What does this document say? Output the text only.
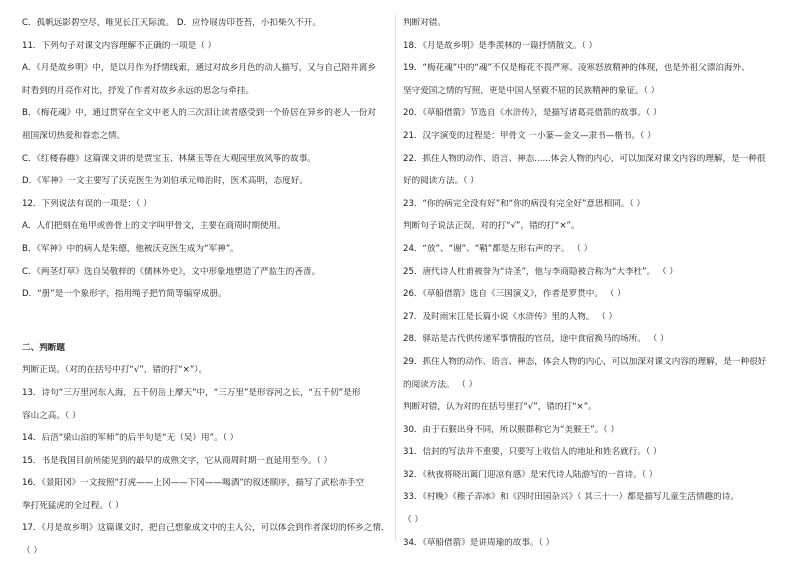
C．孤帆远影碧空尽，唯见长江天际流。 D．应怜屐齿印苍苔，小扣柴久不开。
11．下列句子对课文内容理解不正确的一项是（ ）
A．《月是故乡明》中，是以月作为抒情线索，通过对故乡月色的动人描写，又与自己陪井离乡
时看到的月亮作对比，抒发了作者对故乡永远的思念与牵挂。
B．《梅花魂》中，通过贯穿在全文中老人的三次泪让读者感受到一个侨居在异乡的老人一份对
祖国深切热爱和眷恋之情。
C．《红楼春趣》这篇课文讲的是贾宝玉、林黛玉等在大观园里放风筝的故事。
D．《军神》一文主要写了沃克医生为刘伯承元帅治时，医术高明，态度好。
12．下列说法有误的一项是：（ ）
A．人们把刻在龟甲或兽骨上的文字叫甲骨文，主要在商周时期使用。
B．《军神》中的病人是朱德，他被沃克医生成为“军神”。
C．《两茎灯草》选自吴敬梓的《儒林外史》，文中形象地塑造了严监生的吝啬。
D．“册”是一个象形字，指用绳子把竹简等编穿成册。
二、判断题
判断正误。（对的在括号中打“√”，错的打“×”）。
13．诗句“三万里河东入海，五千仞岳上摩天”中，“三万里”是形容河之长，“五千仞”是形
容山之高。（ ）
14．后浯“梁山泊的军师”的后半句是“无（吴）用”。（ ）
15．书是我国目前所能见到的最早的成熟文字，它从商周时期一直延用至今。（ ）
16．《景阳冈》一文按照“打虎——上冈——下冈——喝酒”的叙述顺序，描写了武松赤手空
拳打死猛虎的全过程。（ ）
17．《月是故乡明》这篇课文时，把自己想象成文中的主人公，可以体会到作者深切的怀乡之情．
（ ）
判断对错。
18．《月是故乡明》是季羡林的一篇抒情散文。（ ）
19．“梅花魂”中的“魂”不仅是梅花不畏严寒、凌寒怒放精神的体现，也是外祖父漂泊海外、
坚守爱国之情的写照，更是中国人坚毅不屈的民族精神的象征。（ ）
20．《草船借箭》节选自《水浒传》，是描写诸葛亮借箭的故事。（ ）
21．汉字演变的过程是：甲骨文 一小篆—金文—隶书—楷书。（ ）
22．抓住人物的动作、语言、神态......体会人物的内心，可以加深对课文内容的理解，是一种很
好的阅读方法。（ ）
23．“你的病完全没有好”和“你的病没有完全好”意思相同。（ ）
判断句子说法正误，对的打“√”，错的打“×”。
24．“放”、“谢”、“鞘”都是左形右声的字。 （ ）
25．唐代诗人杜甫被誉为“诗圣”，他与李商隐被合称为“大李杜”。 （ ）
26．《草船借箭》选自《三国演义》，作者是罗贯中。 （ ）
27．及时雨宋江是长篇小说《水浒传》里的人物。 （ ）
28．驿站是古代供传递军事情报的官员，途中食宿换马的场所。 （ ）
29．抓住人物的动作、语言、神态，体会人物的内心，可以加深对课文内容的理解，是一种很好
的阅读方法。 （ ）
判断对错，认为对的在括号里打“√”，错的打“×”。
30．由于石猴出身不同，所以猴群称它为“美猴王”。（ ）
31．信封的写法并不重要，只要写上收信人的地址和姓名就行。（ ）
32．《秋夜将晓出篱门迎凉有感》是宋代诗人陆游写的一首诗。（ ）
33．《村晚》《稚子弄冰》和《四时田园杂兴》（ 其三十一）都是描写儿童生活情趣的诗。
（ ）
34．《草船借箭》是讲周瑜的故事。（ ）
